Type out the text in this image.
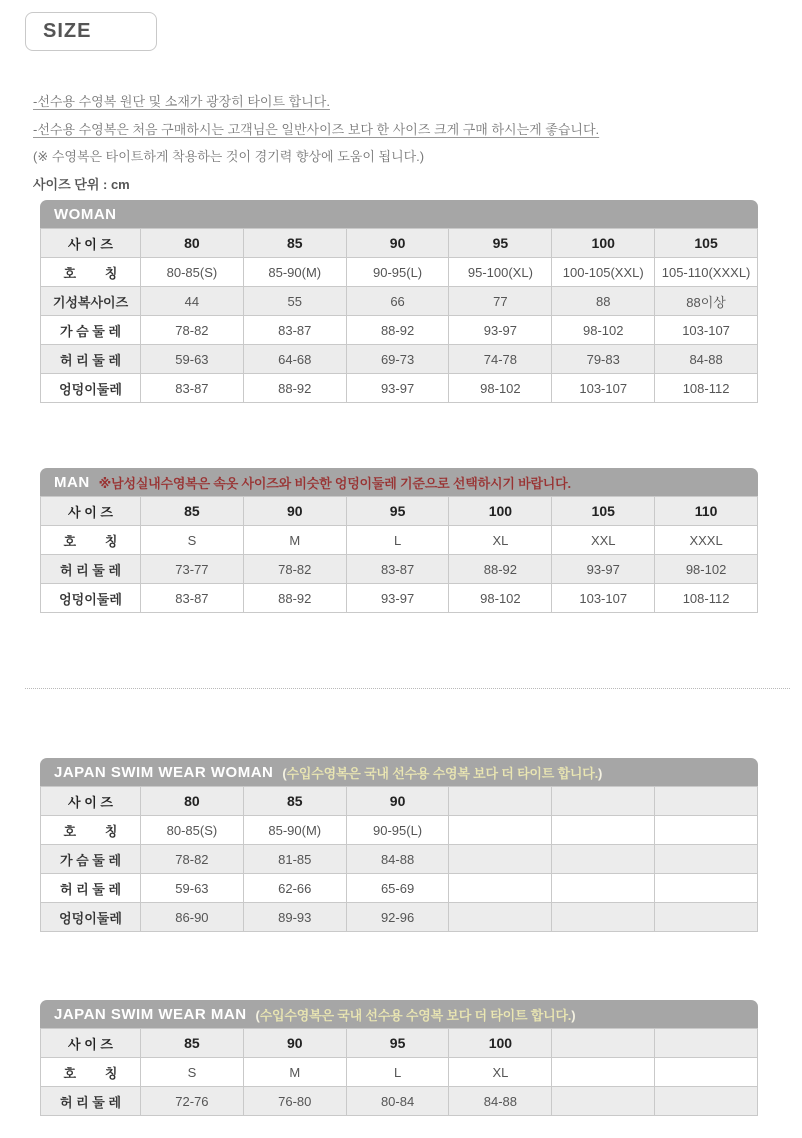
SIZE

-선수용 수영복 원단 및 소재가 광장히 타이트 합니다.

-선수용 수영복은 처음 구매하시는 고객님은 일반사이즈 보다 한 사이즈 크게 구매 하시는게 좋습니다.

(※ 수영복은 타이트하게 착용하는 것이 경기력 향상에 도움이 됩니다.)

사이즈 단위 : cm

WOMAN
사 이 즈	80	85	90	95	100	105
호        칭	80-85(S)	85-90(M)	90-95(L)	95-100(XL)	100-105(XXL)	105-110(XXXL)
기성복사이즈	44	55	66	77	88	88이상
가 슴 둘 레	78-82	83-87	88-92	93-97	98-102	103-107
허 리 둘 레	59-63	64-68	69-73	74-78	79-83	84-88
엉덩이둘레	83-87	88-92	93-97	98-102	103-107	108-112
MAN ※남성실내수영복은 속옷 사이즈와 비슷한 엉덩이둘레 기준으로 선택하시기 바랍니다.
사 이 즈	85	90	95	100	105	110
호        칭	S	M	L	XL	XXL	XXXL
허 리 둘 레	73-77	78-82	83-87	88-92	93-97	98-102
엉덩이둘레	83-87	88-92	93-97	98-102	103-107	108-112
JAPAN SWIM WEAR WOMAN (수입수영복은 국내 선수용 수영복 보다 더 타이트 합니다.)
사 이 즈	80	85	90			
호        칭	80-85(S)	85-90(M)	90-95(L)			
가 슴 둘 레	78-82	81-85	84-88			
허 리 둘 레	59-63	62-66	65-69			
엉덩이둘레	86-90	89-93	92-96			
JAPAN SWIM WEAR MAN (수입수영복은 국내 선수용 수영복 보다 더 타이트 합니다.)
사 이 즈	85	90	95	100		
호        칭	S	M	L	XL		
허 리 둘 레	72-76	76-80	80-84	84-88		
